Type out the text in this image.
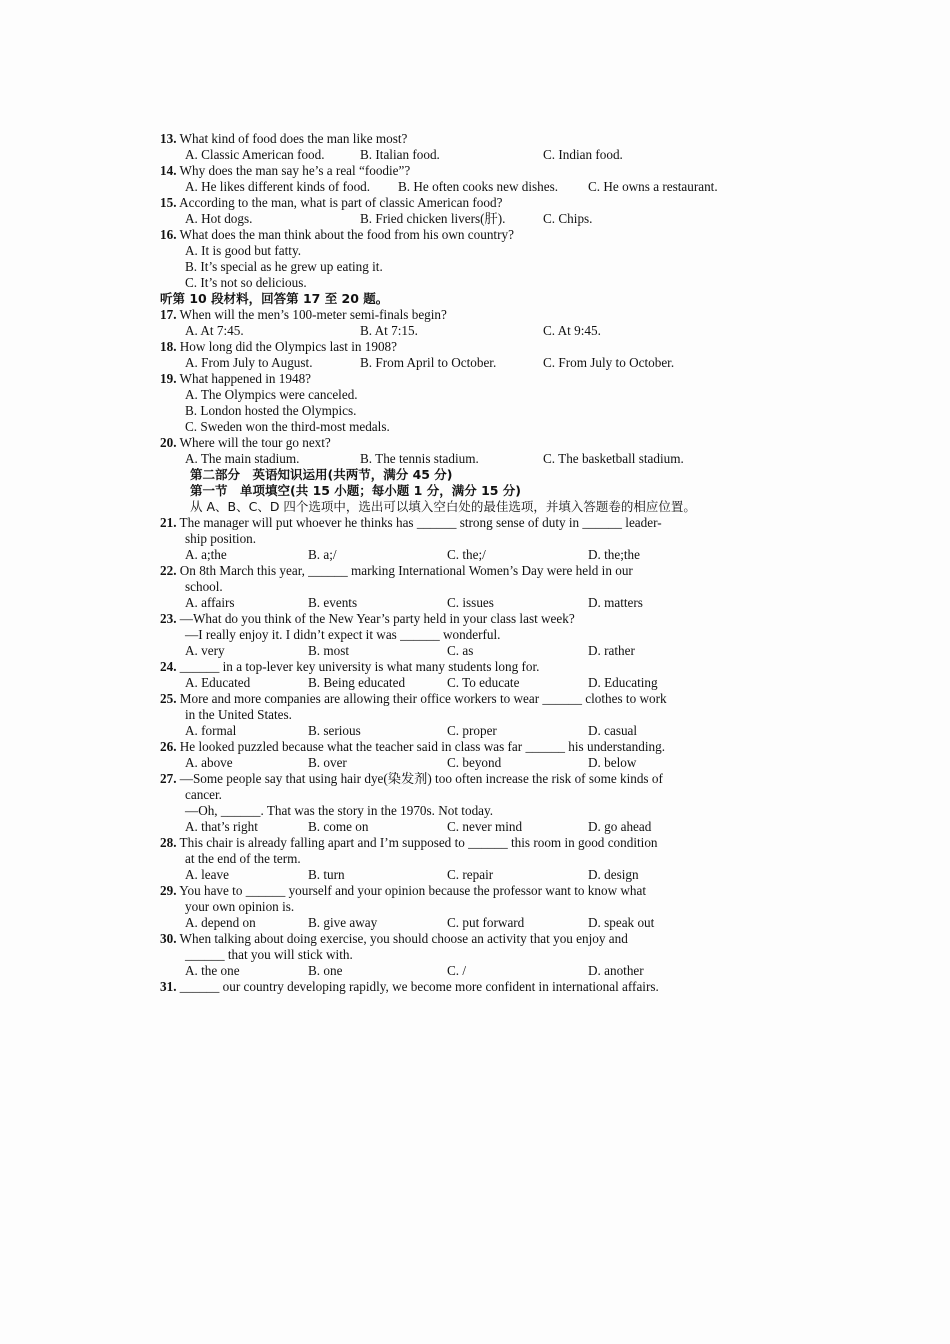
13. What kind of food does the man like most?
A. Classic American food.	B. Italian food.	C. Indian food.
14. Why does the man say he’s a real “foodie”?
A. He likes different kinds of food. B. He often cooks new dishes. C. He owns a restaurant.
15. According to the man, what is part of classic American food?
A. Hot dogs.	B. Fried chicken livers(肝).	C. Chips.
16. What does the man think about the food from his own country?
A. It is good but fatty.
B. It’s special as he grew up eating it.
C. It’s not so delicious.
听第 10 段材料，回答第 17 至 20 题。
17. When will the men’s 100-meter semi-finals begin?
A. At 7:45.	B. At 7:15.	C. At 9:45.
18. How long did the Olympics last in 1908?
A. From July to August.	B. From April to October.	C. From July to October.
19. What happened in 1948?
A. The Olympics were canceled.
B. London hosted the Olympics.
C. Sweden won the third-most medals.
20. Where will the tour go next?
A. The main stadium.	B. The tennis stadium.	C. The basketball stadium.
第二部分　英语知识运用(共两节，满分 45 分)
第一节　单项填空(共 15 小题；每小题 1 分，满分 15 分)
从 A、B、C、D 四个选项中，选出可以填入空白处的最佳选项，并填入答题卷的相应位置。
21. The manager will put whoever he thinks has ______ strong sense of duty in ______ leader-
ship position.
A. a;the	B. a;/	C. the;/	D. the;the
22. On 8th March this year, ______ marking International Women’s Day were held in our
school.
A. affairs	B. events	C. issues	D. matters
23. —What do you think of the New Year’s party held in your class last week?
—I really enjoy it. I didn’t expect it was ______ wonderful.
A. very	B. most	C. as	D. rather
24. ______ in a top-lever key university is what many students long for.
A. Educated	B. Being educated	C. To educate	D. Educating
25. More and more companies are allowing their office workers to wear ______ clothes to work
in the United States.
A. formal	B. serious	C. proper	D. casual
26. He looked puzzled because what the teacher said in class was far ______ his understanding.
A. above	B. over	C. beyond	D. below
27. —Some people say that using hair dye(染发剂) too often increase the risk of some kinds of
cancer.
—Oh, ______. That was the story in the 1970s. Not today.
A. that’s right	B. come on	C. never mind	D. go ahead
28. This chair is already falling apart and I’m supposed to ______ this room in good condition
at the end of the term.
A. leave	B. turn	C. repair	D. design
29. You have to ______ yourself and your opinion because the professor want to know what
your own opinion is.
A. depend on	B. give away	C. put forward	D. speak out
30. When talking about doing exercise, you should choose an activity that you enjoy and
______ that you will stick with.
A. the one	B. one	C. /	D. another
31. ______ our country developing rapidly, we become more confident in international affairs.
